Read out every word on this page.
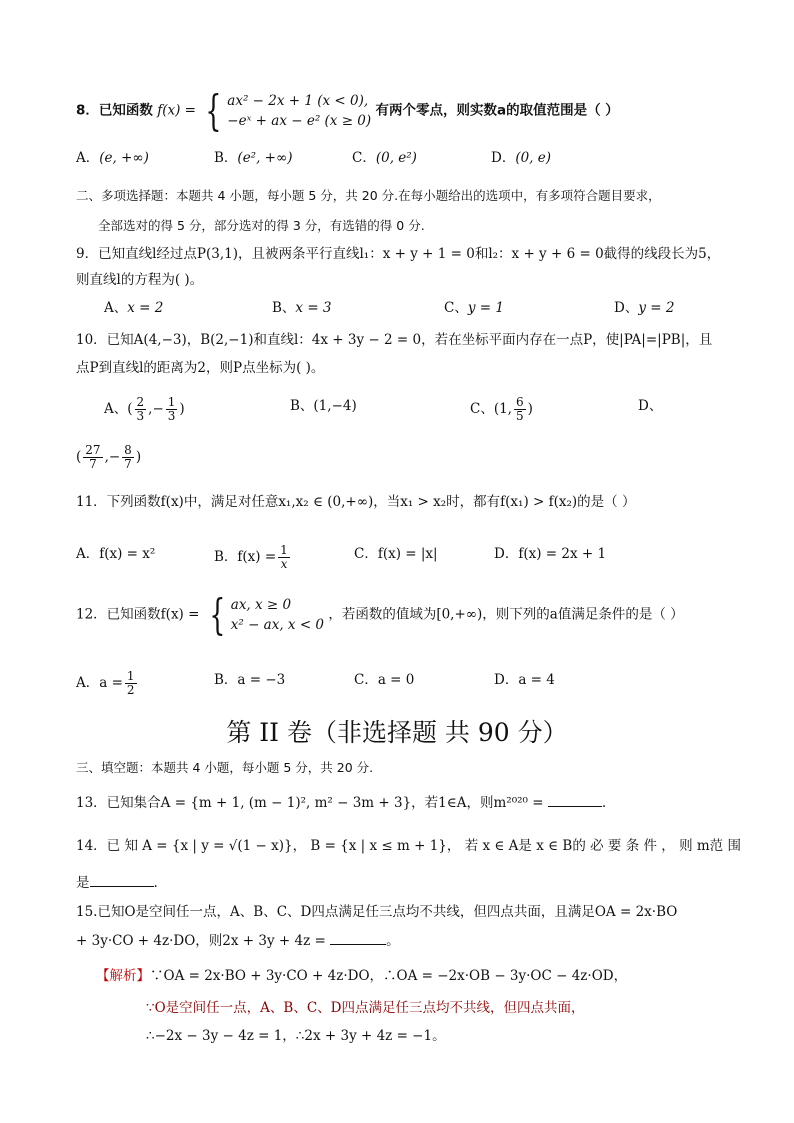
8．已知函数 f(x) = { ax² − 2x + 1 (x < 0),
−eˣ + ax − e² (x ≥ 0)
有两个零点，则实数a的取值范围是（ ）
A．(e, +∞)	B．(e², +∞)	C．(0, e²)	D．(0, e)
二、多项选择题：本题共 4 小题，每小题 5 分，共 20 分.在每小题给出的选项中，有多项符合题目要求，
全部选对的得 5 分，部分选对的得 3 分，有选错的得 0 分.
9．已知直线l经过点P(3,1)，且被两条平行直线l₁：x + y + 1 = 0和l₂：x + y + 6 = 0截得的线段长为5，
则直线l的方程为( )。
A、x = 2	B、x = 3	C、y = 1	D、y = 2
10．已知A(4,−3)，B(2,−1)和直线l：4x + 3y − 2 = 0，若在坐标平面内存在一点P，使|PA|=|PB|，且
点P到直线l的距离为2，则P点坐标为( )。
A、( $\frac{2}{3}$ ,− $\frac{1}{3}$ )	B、(1,−4)	C、(1, $\frac{6}{5}$ )	D、
( $\frac{27}{7}$ ,− $\frac{8}{7}$ )
11．下列函数f(x)中，满足对任意x₁,x₂ ∈ (0,+∞)，当x₁ > x₂时，都有f(x₁) > f(x₂)的是（ ）
A．f(x) = x²	B．$f(x) = \frac{1}{x}$	C．f(x) = |x|	D．f(x) = 2x + 1
12．已知函数f(x) = { ax, x ≥ 0
x² − ax, x < 0
，若函数的值域为[0,+∞)，则下列的a值满足条件的是（ ）
A．$a = \frac{1}{2}$	B．a = −3	C．a = 0	D．a = 4
第 II 卷（非选择题 共 90 分）
三、填空题：本题共 4 小题，每小题 5 分，共 20 分.
13．已知集合A = {m + 1, (m − 1)², m² − 3m + 3}，若1∈A，则m²⁰²⁰ =	.
14．已 知 A = {x | y = √(1 − x)}， B = {x | x ≤ m + 1}， 若 x ∈ A是 x ∈ B的 必 要 条 件 ， 则 m范 围
是	.
15.已知O是空间任一点，A、B、C、D四点满足任三点均不共线，但四点共面，且满足OA = 2x·BO
+ 3y·CO + 4z·DO，则2x + 3y + 4z =	。
【解析】∵OA = 2x·BO + 3y·CO + 4z·DO，∴OA = −2x·OB − 3y·OC − 4z·OD，
∵O是空间任一点，A、B、C、D四点满足任三点均不共线，但四点共面，
∴−2x − 3y − 4z = 1，∴2x + 3y + 4z = −1。
